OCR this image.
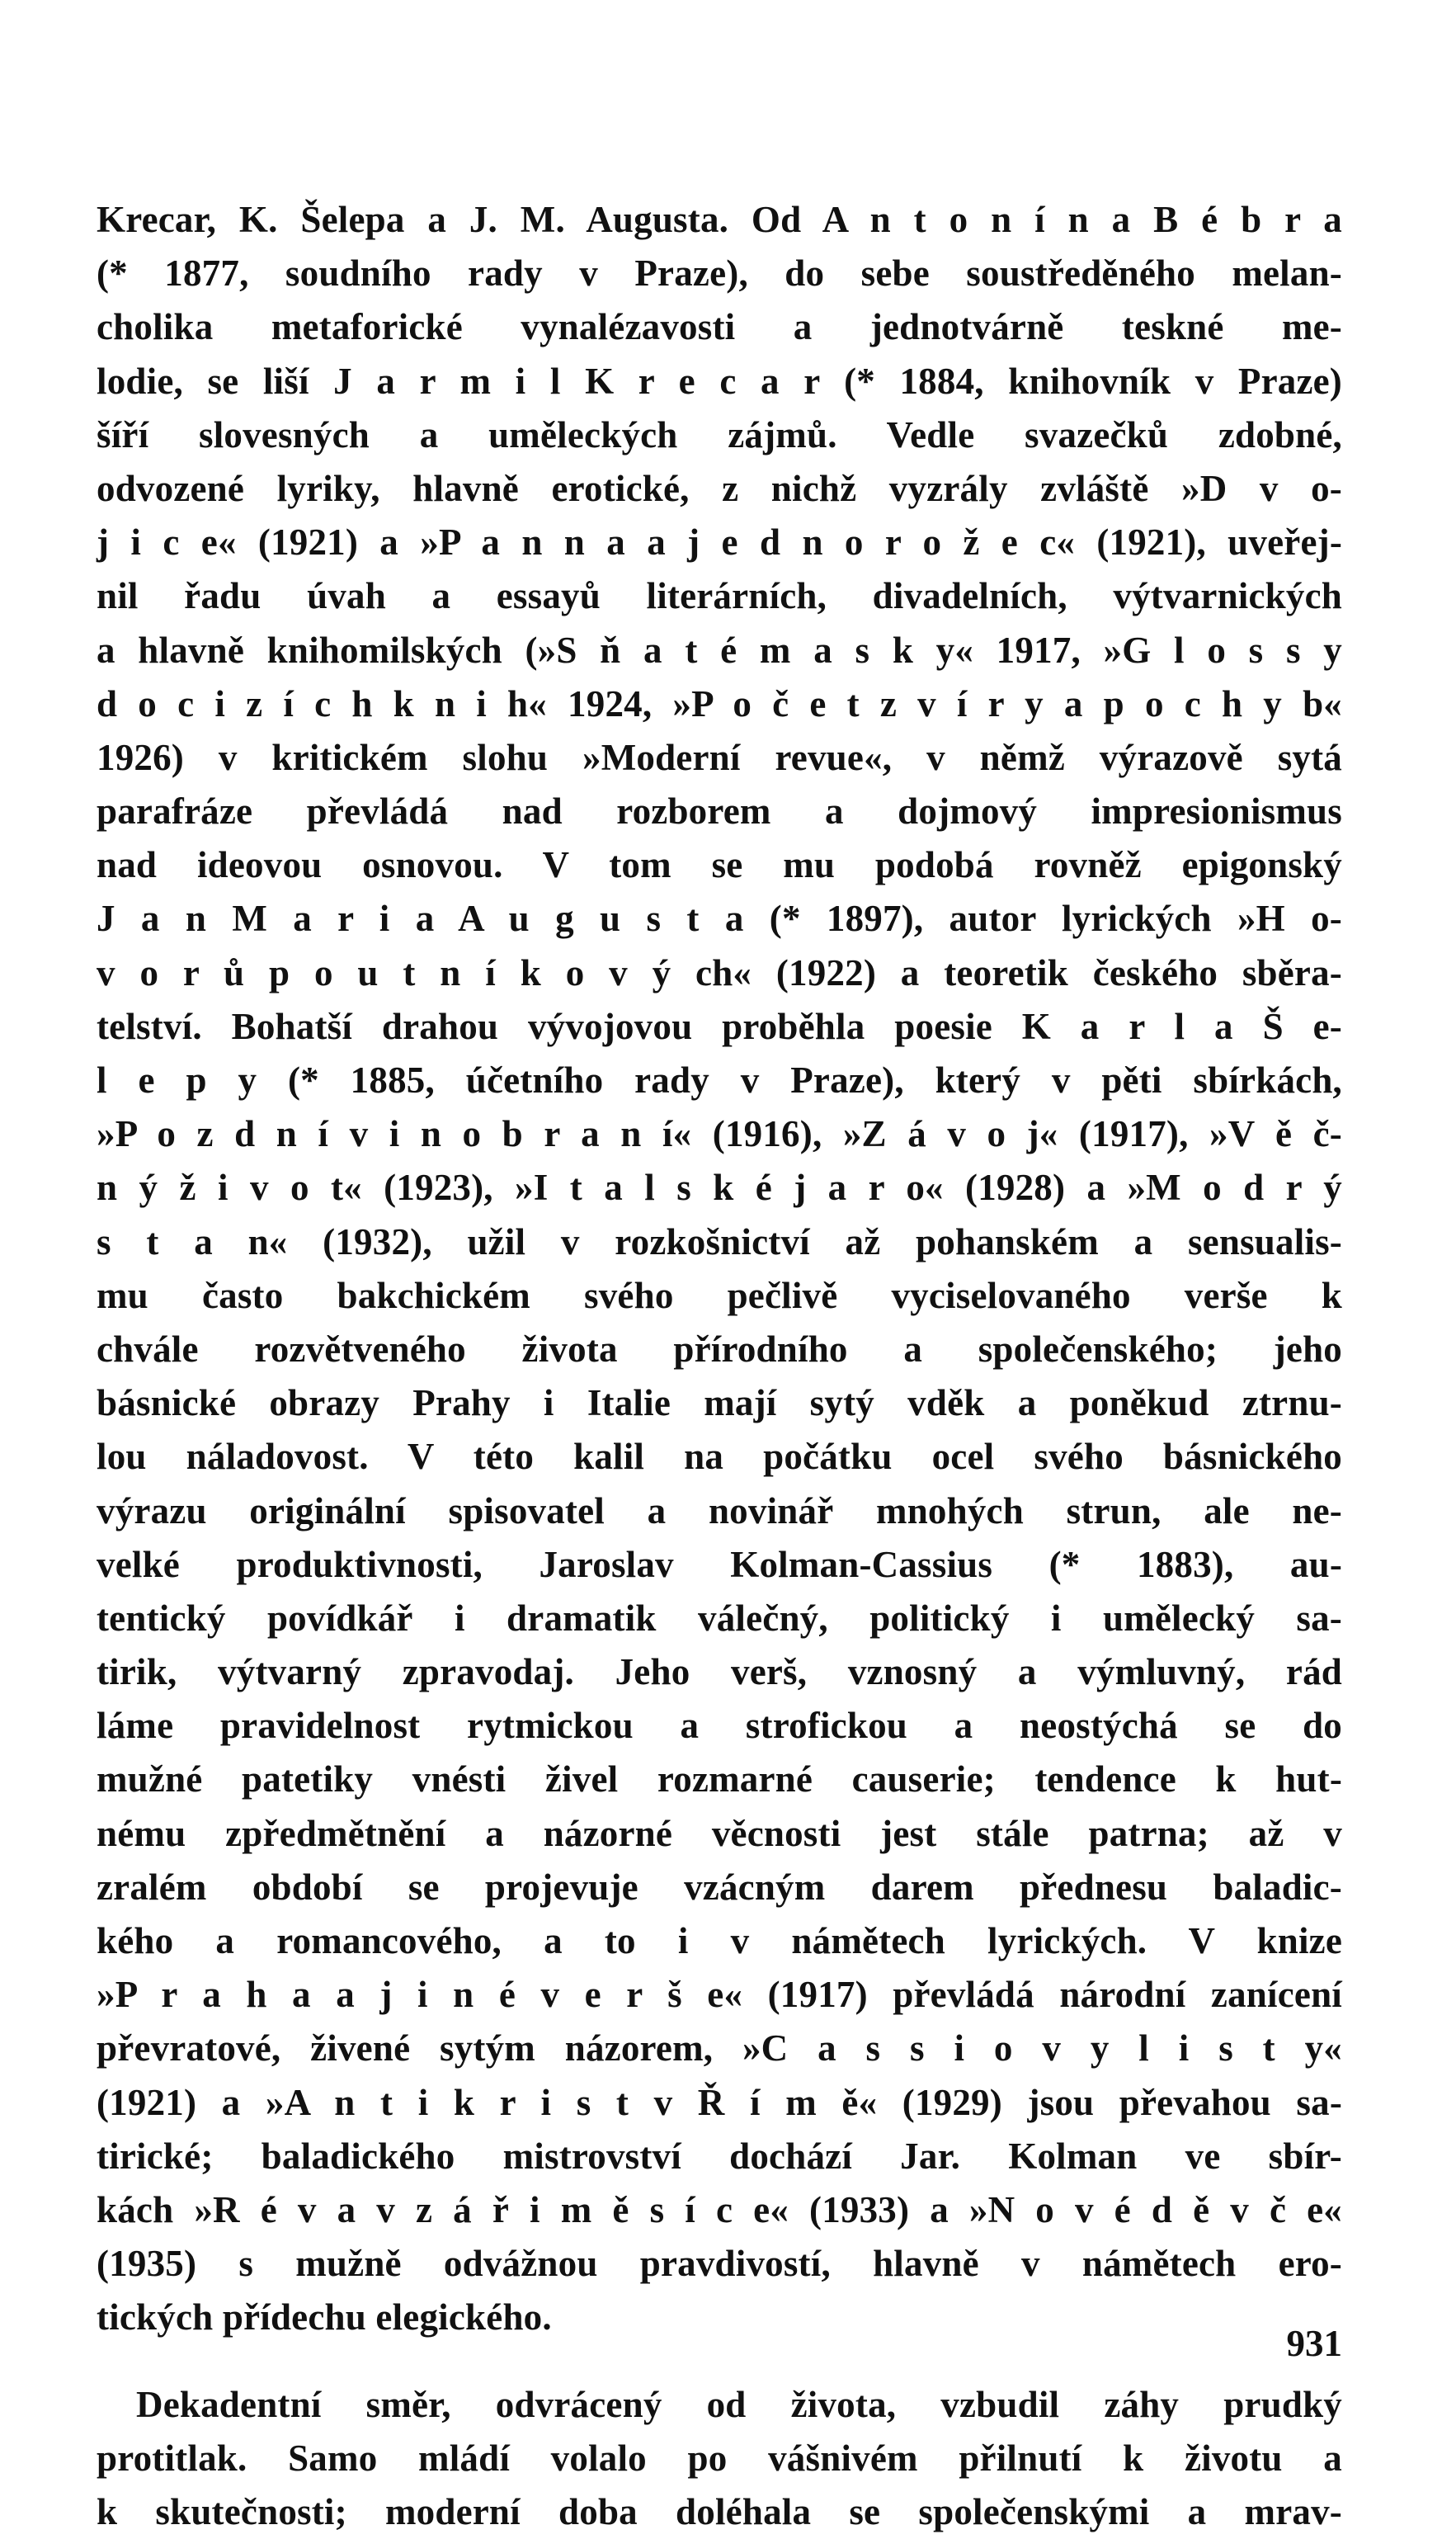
Krecar, K. Šelepa a J. M. Augusta. Od A n t o n í n a B é b r a
(* 1877, soudního rady v Praze), do sebe soustředěného melan-
cholika metaforické vynalézavosti a jednotvárně teskné me-
lodie, se liší J a r m i l K r e c a r (* 1884, knihovník v Praze)
šíří slovesných a uměleckých zájmů. Vedle svazečků zdobné,
odvozené lyriky, hlavně erotické, z nichž vyzrály zvláště »D v o-
j i c e« (1921) a »P a n n a a j e d n o r o ž e c« (1921), uveřej-
nil řadu úvah a essayů literárních, divadelních, výtvarnických
a hlavně knihomilských (»S ň a t é m a s k y« 1917, »G l o s s y
d o c i z í c h k n i h« 1924, »P o č e t z v í r y a p o c h y b«
1926) v kritickém slohu »Moderní revue«, v němž výrazově sytá
parafráze převládá nad rozborem a dojmový impresionismus
nad ideovou osnovou. V tom se mu podobá rovněž epigonský
J a n M a r i a A u g u s t a (* 1897), autor lyrických »H o-
v o r ů p o u t n í k o v ý ch« (1922) a teoretik českého sběra-
telství. Bohatší drahou vývojovou proběhla poesie K a r l a Š e-
l e p y (* 1885, účetního rady v Praze), který v pěti sbírkách,
»P o z d n í v i n o b r a n í« (1916), »Z á v o j« (1917), »V ě č-
n ý ž i v o t« (1923), »I t a l s k é j a r o« (1928) a »M o d r ý
s t a n« (1932), užil v rozkošnictví až pohanském a sensualis-
mu často bakchickém svého pečlivě vyciselovaného verše k
chvále rozvětveného života přírodního a společenského; jeho
básnické obrazy Prahy i Italie mají sytý vděk a poněkud ztrnu-
lou náladovost. V této kalil na počátku ocel svého básnického
výrazu originální spisovatel a novinář mnohých strun, ale ne-
velké produktivnosti, Jaroslav Kolman-Cassius (* 1883), au-
tentický povídkář i dramatik válečný, politický i umělecký sa-
tirik, výtvarný zpravodaj. Jeho verš, vznosný a výmluvný, rád
láme pravidelnost rytmickou a strofickou a neostýchá se do
mužné patetiky vnésti živel rozmarné causerie; tendence k hut-
nému zpředmětnění a názorné věcnosti jest stále patrna; až v
zralém období se projevuje vzácným darem přednesu baladic-
kého a romancového, a to i v námětech lyrických. V knize
»P r a h a a j i n é v e r š e« (1917) převládá národní zanícení
převratové, živené sytým názorem, »C a s s i o v y l i s t y«
(1921) a »A n t i k r i s t v Ř í m ě« (1929) jsou převahou sa-
tirické; baladického mistrovství dochází Jar. Kolman ve sbír-
kách »R é v a v z á ř i m ě s í c e« (1933) a »N o v é d ě v č e«
(1935) s mužně odvážnou pravdivostí, hlavně v námětech ero-
tických přídechu elegického.
Dekadentní směr, odvrácený od života, vzbudil záhy prudký
protitlak. Samo mládí volalo po vášnivém přilnutí k životu a
k skutečnosti; moderní doba doléhala se společenskými a mrav-
931
